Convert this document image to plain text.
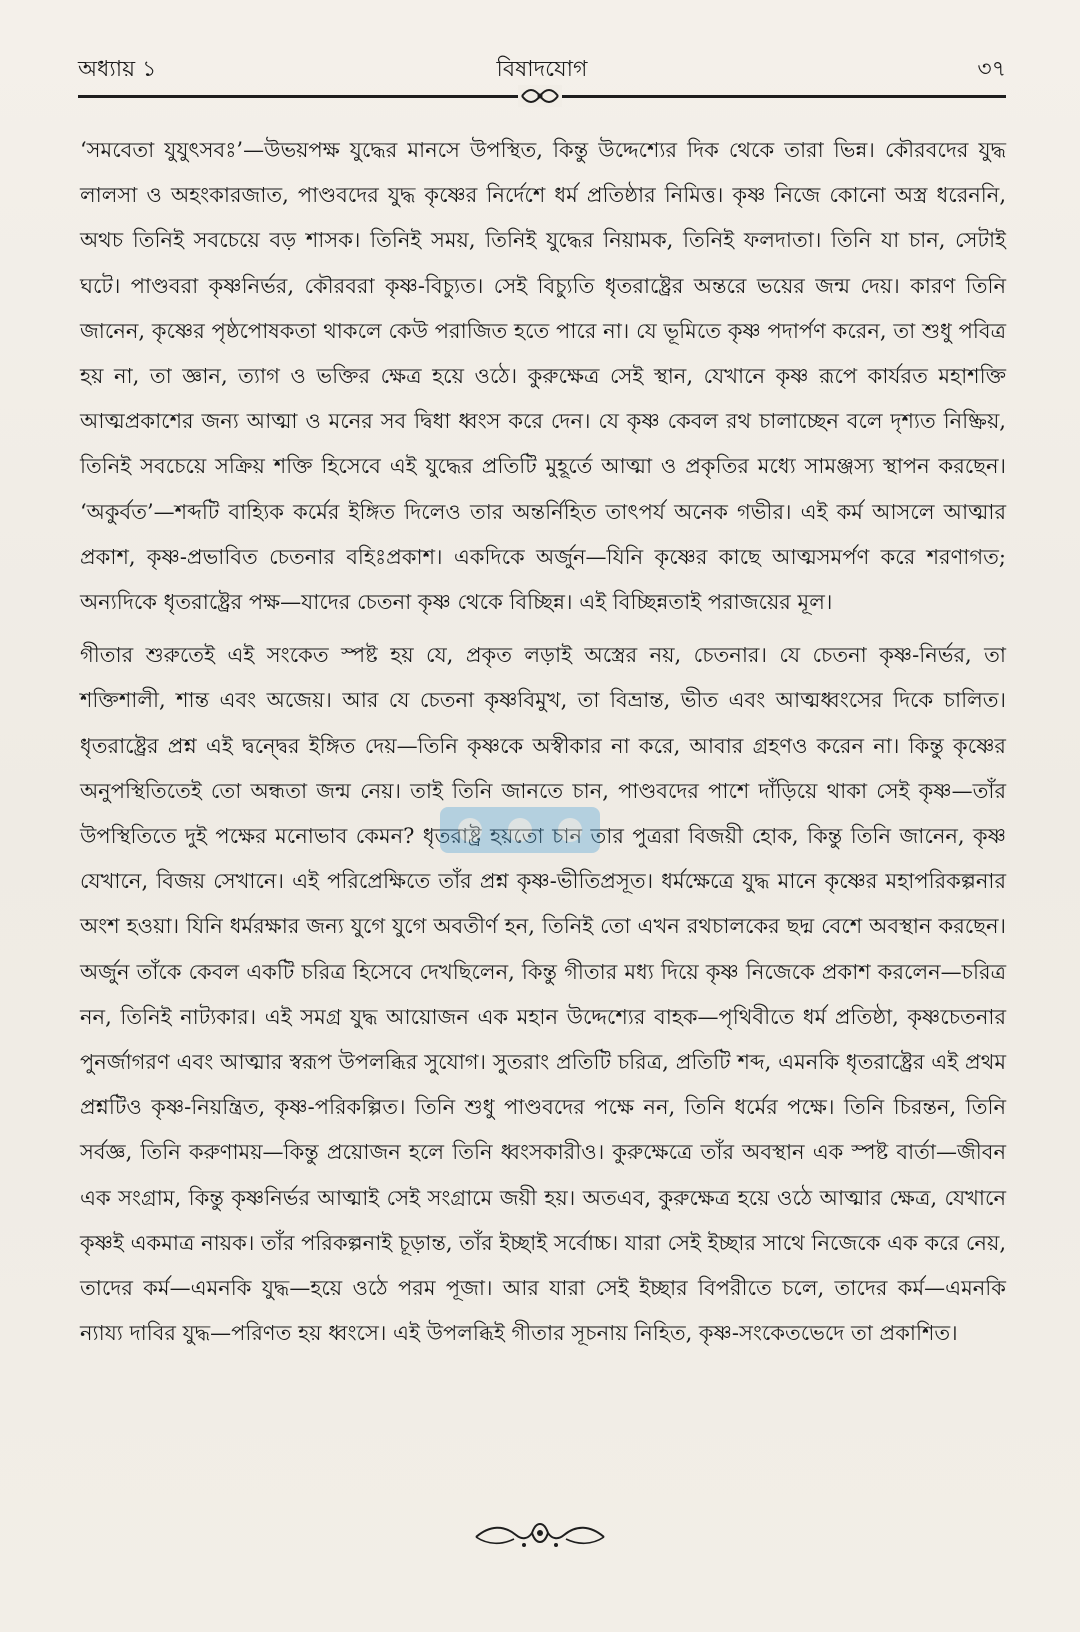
অধ্যায় ১	বিষাদযোগ	৩৭

‘সমবেতা যুযুৎসবঃ’—উভয়পক্ষ যুদ্ধের মানসে উপস্থিত, কিন্তু উদ্দেশ্যের দিক থেকে তারা ভিন্ন। কৌরবদের যুদ্ধ লালসা ও অহংকারজাত, পাণ্ডবদের যুদ্ধ কৃষ্ণের নির্দেশে ধর্ম প্রতিষ্ঠার নিমিত্ত। কৃষ্ণ নিজে কোনো অস্ত্র ধরেননি, অথচ তিনিই সবচেয়ে বড় শাসক। তিনিই সময়, তিনিই যুদ্ধের নিয়ামক, তিনিই ফলদাতা। তিনি যা চান, সেটাই ঘটে। পাণ্ডবরা কৃষ্ণনির্ভর, কৌরবরা কৃষ্ণ-বিচ্যুত। সেই বিচ্যুতি ধৃতরাষ্ট্রের অন্তরে ভয়ের জন্ম দেয়। কারণ তিনি জানেন, কৃষ্ণের পৃষ্ঠপোষকতা থাকলে কেউ পরাজিত হতে পারে না। যে ভূমিতে কৃষ্ণ পদার্পণ করেন, তা শুধু পবিত্র হয় না, তা জ্ঞান, ত্যাগ ও ভক্তির ক্ষেত্র হয়ে ওঠে। কুরুক্ষেত্র সেই স্থান, যেখানে কৃষ্ণ রূপে কার্যরত মহাশক্তি আত্মপ্রকাশের জন্য আত্মা ও মনের সব দ্বিধা ধ্বংস করে দেন। যে কৃষ্ণ কেবল রথ চালাচ্ছেন বলে দৃশ্যত নিষ্ক্রিয়, তিনিই সবচেয়ে সক্রিয় শক্তি হিসেবে এই যুদ্ধের প্রতিটি মুহূর্তে আত্মা ও প্রকৃতির মধ্যে সামঞ্জস্য স্থাপন করছেন। ‘অকুর্বত’—শব্দটি বাহ্যিক কর্মের ইঙ্গিত দিলেও তার অন্তর্নিহিত তাৎপর্য অনেক গভীর। এই কর্ম আসলে আত্মার প্রকাশ, কৃষ্ণ-প্রভাবিত চেতনার বহিঃপ্রকাশ। একদিকে অর্জুন—যিনি কৃষ্ণের কাছে আত্মসমর্পণ করে শরণাগত; অন্যদিকে ধৃতরাষ্ট্রের পক্ষ—যাদের চেতনা কৃষ্ণ থেকে বিচ্ছিন্ন। এই বিচ্ছিন্নতাই পরাজয়ের মূল।

গীতার শুরুতেই এই সংকেত স্পষ্ট হয় যে, প্রকৃত লড়াই অস্ত্রের নয়, চেতনার। যে চেতনা কৃষ্ণ-নির্ভর, তা শক্তিশালী, শান্ত এবং অজেয়। আর যে চেতনা কৃষ্ণবিমুখ, তা বিভ্রান্ত, ভীত এবং আত্মধ্বংসের দিকে চালিত। ধৃতরাষ্ট্রের প্রশ্ন এই দ্বন্দ্বের ইঙ্গিত দেয়—তিনি কৃষ্ণকে অস্বীকার না করে, আবার গ্রহণও করেন না। কিন্তু কৃষ্ণের অনুপস্থিতিতেই তো অন্ধতা জন্ম নেয়। তাই তিনি জানতে চান, পাণ্ডবদের পাশে দাঁড়িয়ে থাকা সেই কৃষ্ণ—তাঁর উপস্থিতিতে দুই পক্ষের মনোভাব কেমন? ধৃতরাষ্ট্র হয়তো চান তার পুত্ররা বিজয়ী হোক, কিন্তু তিনি জানেন, কৃষ্ণ যেখানে, বিজয় সেখানে। এই পরিপ্রেক্ষিতে তাঁর প্রশ্ন কৃষ্ণ-ভীতিপ্রসূত। ধর্মক্ষেত্রে যুদ্ধ মানে কৃষ্ণের মহাপরিকল্পনার অংশ হওয়া। যিনি ধর্মরক্ষার জন্য যুগে যুগে অবতীর্ণ হন, তিনিই তো এখন রথচালকের ছদ্ম বেশে অবস্থান করছেন। অর্জুন তাঁকে কেবল একটি চরিত্র হিসেবে দেখছিলেন, কিন্তু গীতার মধ্য দিয়ে কৃষ্ণ নিজেকে প্রকাশ করলেন—চরিত্র নন, তিনিই নাট্যকার। এই সমগ্র যুদ্ধ আয়োজন এক মহান উদ্দেশ্যের বাহক—পৃথিবীতে ধর্ম প্রতিষ্ঠা, কৃষ্ণচেতনার পুনর্জাগরণ এবং আত্মার স্বরূপ উপলব্ধির সুযোগ। সুতরাং প্রতিটি চরিত্র, প্রতিটি শব্দ, এমনকি ধৃতরাষ্ট্রের এই প্রথম প্রশ্নটিও কৃষ্ণ-নিয়ন্ত্রিত, কৃষ্ণ-পরিকল্পিত। তিনি শুধু পাণ্ডবদের পক্ষে নন, তিনি ধর্মের পক্ষে। তিনি চিরন্তন, তিনি সর্বজ্ঞ, তিনি করুণাময়—কিন্তু প্রয়োজন হলে তিনি ধ্বংসকারীও। কুরুক্ষেত্রে তাঁর অবস্থান এক স্পষ্ট বার্তা—জীবন এক সংগ্রাম, কিন্তু কৃষ্ণনির্ভর আত্মাই সেই সংগ্রামে জয়ী হয়। অতএব, কুরুক্ষেত্র হয়ে ওঠে আত্মার ক্ষেত্র, যেখানে কৃষ্ণই একমাত্র নায়ক। তাঁর পরিকল্পনাই চূড়ান্ত, তাঁর ইচ্ছাই সর্বোচ্চ। যারা সেই ইচ্ছার সাথে নিজেকে এক করে নেয়, তাদের কর্ম—এমনকি যুদ্ধ—হয়ে ওঠে পরম পূজা। আর যারা সেই ইচ্ছার বিপরীতে চলে, তাদের কর্ম—এমনকি ন্যায্য দাবির যুদ্ধ—পরিণত হয় ধ্বংসে। এই উপলব্ধিই গীতার সূচনায় নিহিত, কৃষ্ণ-সংকেতভেদে তা প্রকাশিত।
